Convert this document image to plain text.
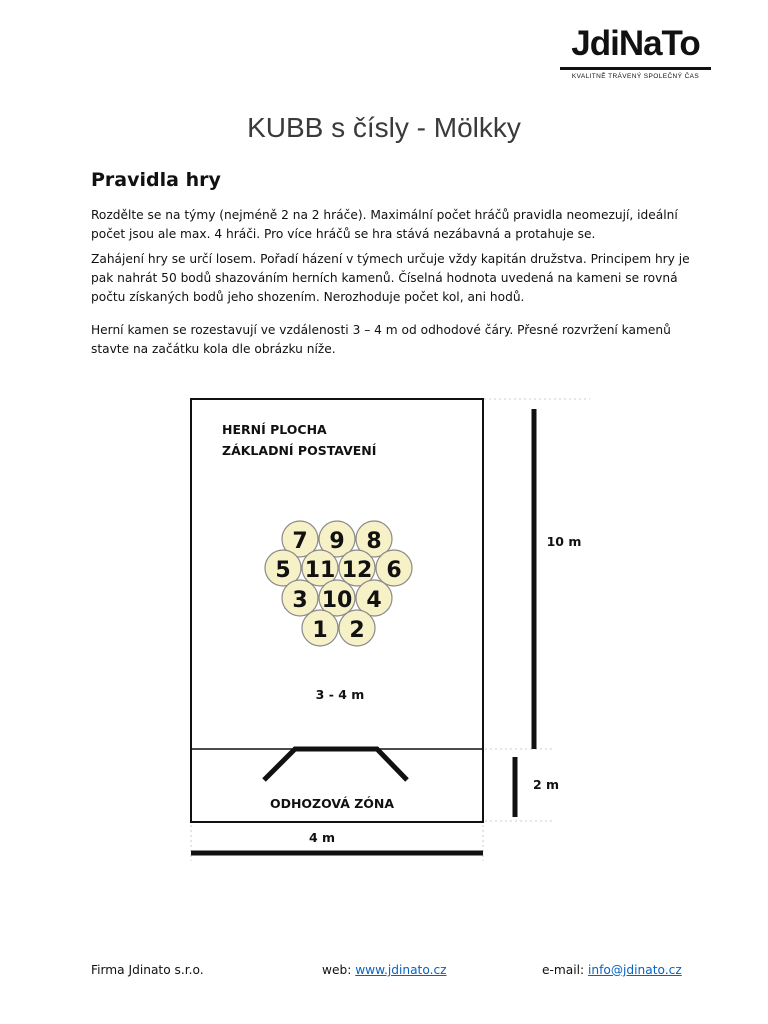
JdiNaTo
KVALITNĚ TRÁVENÝ SPOLEČNÝ ČAS
KUBB s čísly - Mölkky
Pravidla hry

Rozdělte se na týmy (nejméně 2 na 2 hráče). Maximální počet hráčů pravidla neomezují, ideální počet jsou ale max. 4 hráči. Pro více hráčů se hra stává nezábavná a protahuje se.

Zahájení hry se určí losem. Pořadí házení v týmech určuje vždy kapitán družstva. Principem hry je pak nahrát 50 bodů shazováním herních kamenů. Číselná hodnota uvedená na kameni se rovná počtu získaných bodů jeho shozením. Nerozhoduje počet kol, ani hodů.

Herní kamen se rozestavují ve vzdálenosti 3 – 4 m od odhodové čáry. Přesné rozvržení kamenů stavte na začátku kola dle obrázku níže.

HERNÍ PLOCHA
ZÁKLADNÍ POSTAVENÍ
3 - 4 m
ODHOZOVÁ ZÓNA
4 m
10 m
2 m
7 9 8
5 11 12 6
3 10 4
1 2
Firma Jdinato s.r.o.	web: www.jdinato.cz	e-mail: info@jdinato.cz
